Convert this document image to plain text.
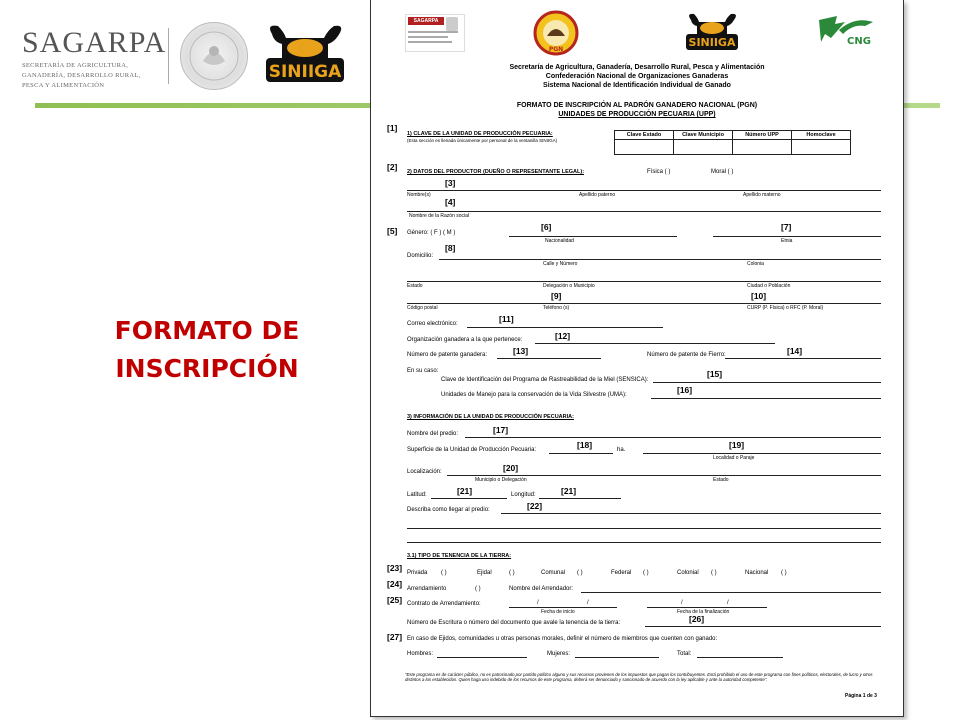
SAGARPA
SECRETARÍA DE AGRICULTURA,
GANADERÍA, DESARROLLO RURAL,
PESCA Y ALIMENTACIÓN
SINIIGA
FORMATO DE INSCRIPCIÓN
SAGARPA
PGN
SINIIGA	CNG
Secretaría de Agricultura, Ganadería, Desarrollo Rural, Pesca y Alimentación
Confederación Nacional de Organizaciones Ganaderas
Sistema Nacional de Identificación Individual de Ganado
FORMATO DE INSCRIPCIÓN AL PADRÓN GANADERO NACIONAL (PGN)
UNIDADES DE PRODUCCIÓN PECUARIA (UPP)
[1]
1) CLAVE DE LA UNIDAD DE PRODUCCIÓN PECUARIA:
(Esta sección es llenada únicamente por personal de la ventanilla SINIIGA)
Clave Estado	Clave Municipio	Número UPP	Homoclave

[2] 2) DATOS DEL PRODUCTOR (DUEÑO O REPRESENTANTE LEGAL):	Física ( )	Moral ( )
[3]
Nombre(s)	Apellido paterno	Apellido materno
[4]
Nombre de la Razón social
[5] Género: ( F ) ( M )
[6]
Nacionalidad
[7]
Etnia
[8]
Domicilio:
Calle y Número	Colonia
Estado	Delegación o Municipio	Ciudad o Población
[9]	[10]
Código postal	Teléfono (s)	CURP (P. Física) o RFC (P. Moral)
Correo electrónico:	[11]
Organización ganadera a la que pertenece:	[12]
Número de patente ganadera:	[13]	Número de patente de Fierro:	[14]
En su caso:
Clave de Identificación del Programa de Rastreabilidad de la Miel (SENSICA):
[15]
Unidades de Manejo para la conservación de la Vida Silvestre (UMA):	[16]
3) INFORMACIÓN DE LA UNIDAD DE PRODUCCIÓN PECUARIA:
[17]
Nombre del predio:
Superficie de la Unidad de Producción Pecuaria:	[18]	ha.	[19]
Localidad o Paraje
Localización:	[20]
Municipio o Delegación	Estado
Latitud:	[21]	Longitud:	[21]
Describa como llegar al predio:	[22]
3.1) TIPO DE TENENCIA DE LA TIERRA:
[23] Privada ( )	Ejidal	( )	Comunal ( )	Federal ( )	Colonial ( )	Nacional ( )
[24] Arrendamiento	( )	Nombre del Arrendador:
[25] Contrato de Arrendamiento:	/	/
Fecha de inicio
/	/
Fecha de la finalización
Número de Escritura o número del documento que avale la tenencia de la tierra:	[26]
[27] En caso de Ejidos, comunidades u otras personas morales, definir el número de miembros que cuenten con ganado:
Hombres:	Mujeres:	Total:
"Este programa es de carácter público, no es patrocinado por partido político alguno y sus recursos provienen de los impuestos que pagan los contribuyentes. Está prohibido el uso de este programa con fines políticos, electorales, de lucro y otros distintos a los establecidos. Quien haga uso indebido de los recursos de este programa, deberá ser denunciado y sancionado de acuerdo con la ley aplicable y ante la autoridad competente".
Página 1 de 3
